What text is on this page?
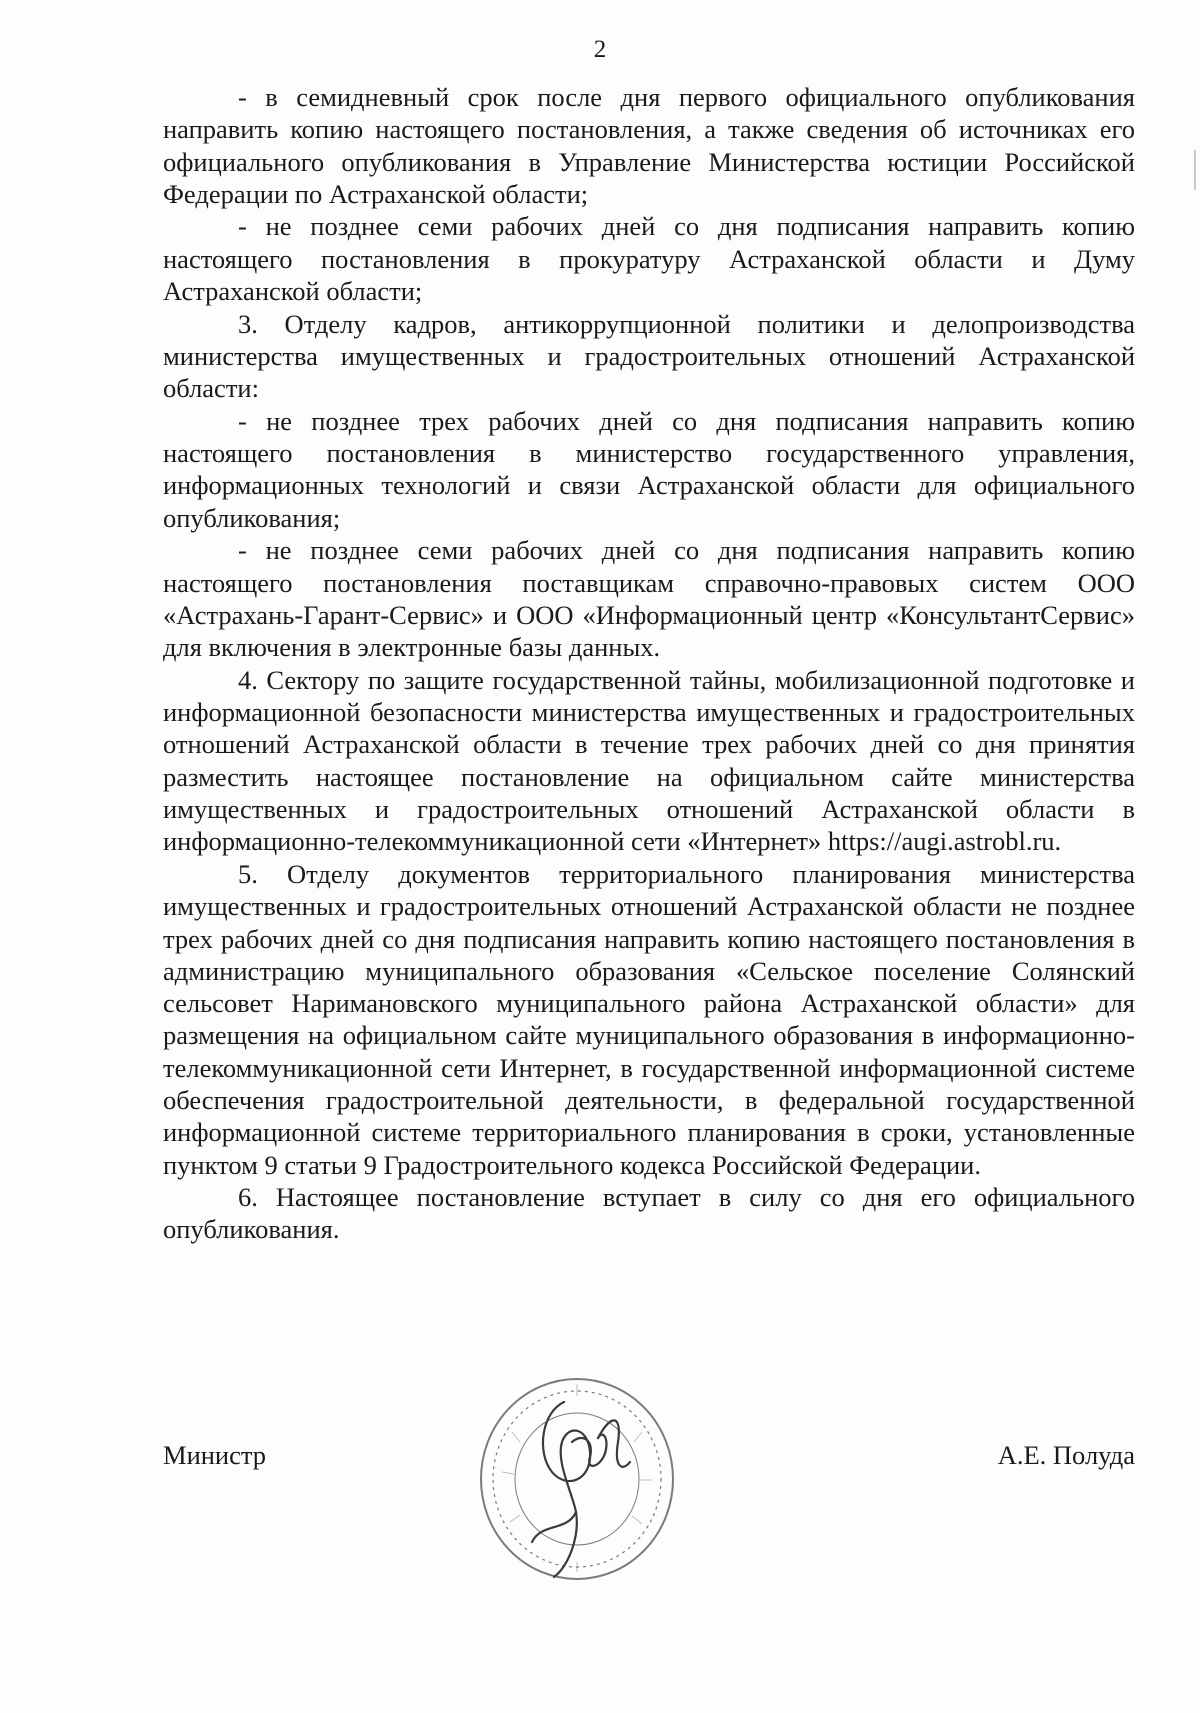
2

- в семидневный срок после дня первого официального опубликования направить копию настоящего постановления, а также сведения об источниках его официального опубликования в Управление Министерства юстиции Российской Федерации по Астраханской области;

- не позднее семи рабочих дней со дня подписания направить копию настоящего постановления в прокуратуру Астраханской области и Думу Астраханской области;

3. Отделу кадров, антикоррупционной политики и делопроизводства министерства имущественных и градостроительных отношений Астраханской области:

- не позднее трех рабочих дней со дня подписания направить копию настоящего постановления в министерство государственного управления, информационных технологий и связи Астраханской области для официального опубликования;

- не позднее семи рабочих дней со дня подписания направить копию настоящего постановления поставщикам справочно-правовых систем ООО «Астрахань-Гарант-Сервис» и ООО «Информационный центр «КонсультантСервис» для включения в электронные базы данных.

4. Сектору по защите государственной тайны, мобилизационной подготовке и информационной безопасности министерства имущественных и градостроительных отношений Астраханской области в течение трех рабочих дней со дня принятия разместить настоящее постановление на официальном сайте министерства имущественных и градостроительных отношений Астраханской области в информационно-телекоммуникационной сети «Интернет» https://augi.astrobl.ru.

5. Отделу документов территориального планирования министерства имущественных и градостроительных отношений Астраханской области не позднее трех рабочих дней со дня подписания направить копию настоящего постановления в администрацию муниципального образования «Сельское поселение Солянский сельсовет Наримановского муниципального района Астраханской области» для размещения на официальном сайте муниципального образования в информационно-телекоммуникационной сети Интернет, в государственной информационной системе обеспечения градостроительной деятельности, в федеральной государственной информационной системе территориального планирования в сроки, установленные пунктом 9 статьи 9 Градостроительного кодекса Российской Федерации.

6. Настоящее постановление вступает в силу со дня его официального опубликования.

Министр	А.Е. Полуда
